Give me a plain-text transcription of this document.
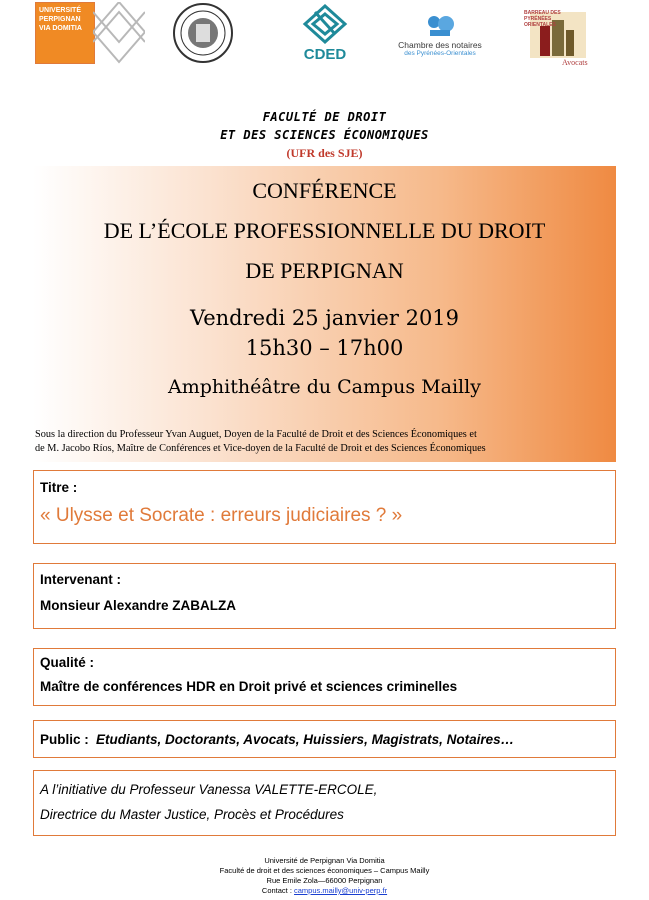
UNIVERSITÉ PERPIGNAN VIA DOMITIA
CDED
Chambre des notaires
des Pyrénées-Orientales
BARREAU DES PYRÉNÉES ORIENTALES
Avocats
FACULTÉ DE DROIT
ET DES SCIENCES ÉCONOMIQUES
(UFR des SJE)
CONFÉRENCE
DE L’ÉCOLE PROFESSIONNELLE DU DROIT
DE PERPIGNAN
Vendredi 25 janvier 2019
15h30 – 17h00
Amphithéâtre du Campus Mailly
Sous la direction du Professeur Yvan Auguet, Doyen de la Faculté de Droit et des Sciences Économiques et
de M. Jacobo Ríos, Maître de Conférences et Vice-doyen de la Faculté de Droit et des Sciences Économiques
Titre :
« Ulysse et Socrate : erreurs judiciaires ? »
Intervenant :
Monsieur Alexandre ZABALZA
Qualité :
Maître de conférences HDR en Droit privé et sciences criminelles
Public : Etudiants, Doctorants, Avocats, Huissiers, Magistrats, Notaires…
A l’initiative du Professeur Vanessa VALETTE-ERCOLE,
Directrice du Master Justice, Procès et Procédures
Université de Perpignan Via Domitia
Faculté de droit et des sciences économiques – Campus Mailly
Rue Emile Zola—66000 Perpignan
Contact : campus.mailly@univ-perp.fr
